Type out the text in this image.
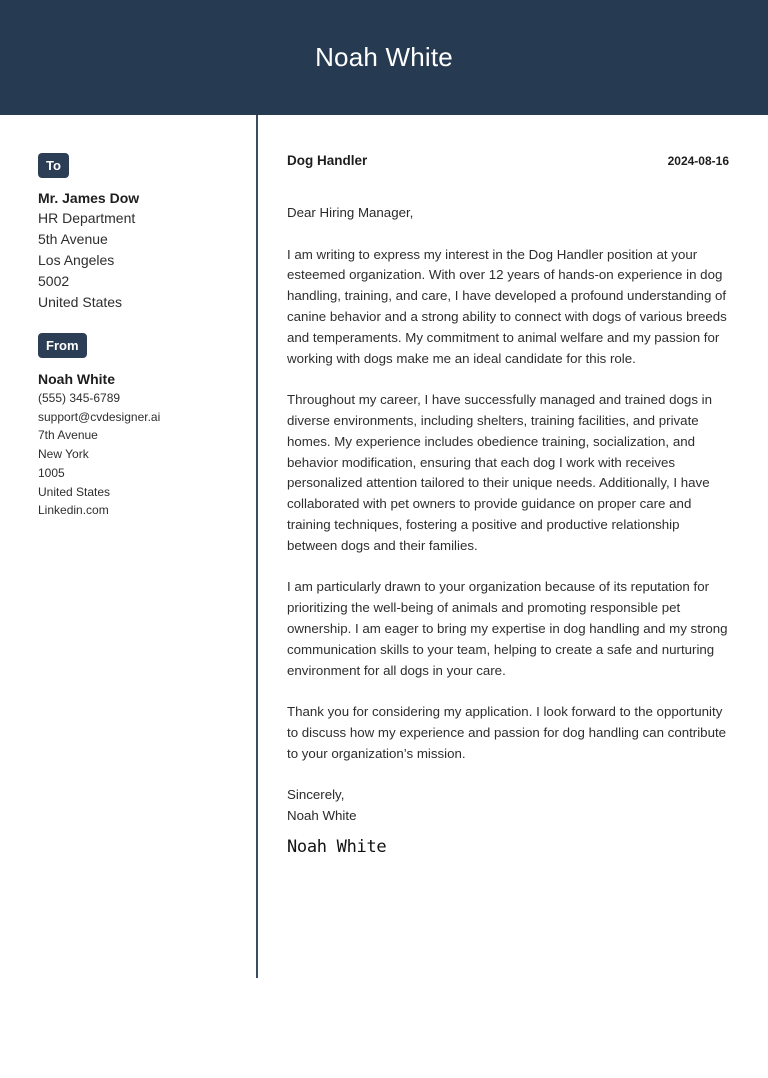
Noah White
To
Mr. James Dow
HR Department
5th Avenue
Los Angeles
5002
United States
From
Noah White
(555) 345-6789
support@cvdesigner.ai
7th Avenue
New York
1005
United States
Linkedin.com
Dog Handler	2024-08-16
Dear Hiring Manager,

I am writing to express my interest in the Dog Handler position at your esteemed organization. With over 12 years of hands-on experience in dog handling, training, and care, I have developed a profound understanding of canine behavior and a strong ability to connect with dogs of various breeds and temperaments. My commitment to animal welfare and my passion for working with dogs make me an ideal candidate for this role.

Throughout my career, I have successfully managed and trained dogs in diverse environments, including shelters, training facilities, and private homes. My experience includes obedience training, socialization, and behavior modification, ensuring that each dog I work with receives personalized attention tailored to their unique needs. Additionally, I have collaborated with pet owners to provide guidance on proper care and training techniques, fostering a positive and productive relationship between dogs and their families.

I am particularly drawn to your organization because of its reputation for prioritizing the well-being of animals and promoting responsible pet ownership. I am eager to bring my expertise in dog handling and my strong communication skills to your team, helping to create a safe and nurturing environment for all dogs in your care.

Thank you for considering my application. I look forward to the opportunity to discuss how my experience and passion for dog handling can contribute to your organization’s mission.

Sincerely,
Noah White
Noah White
